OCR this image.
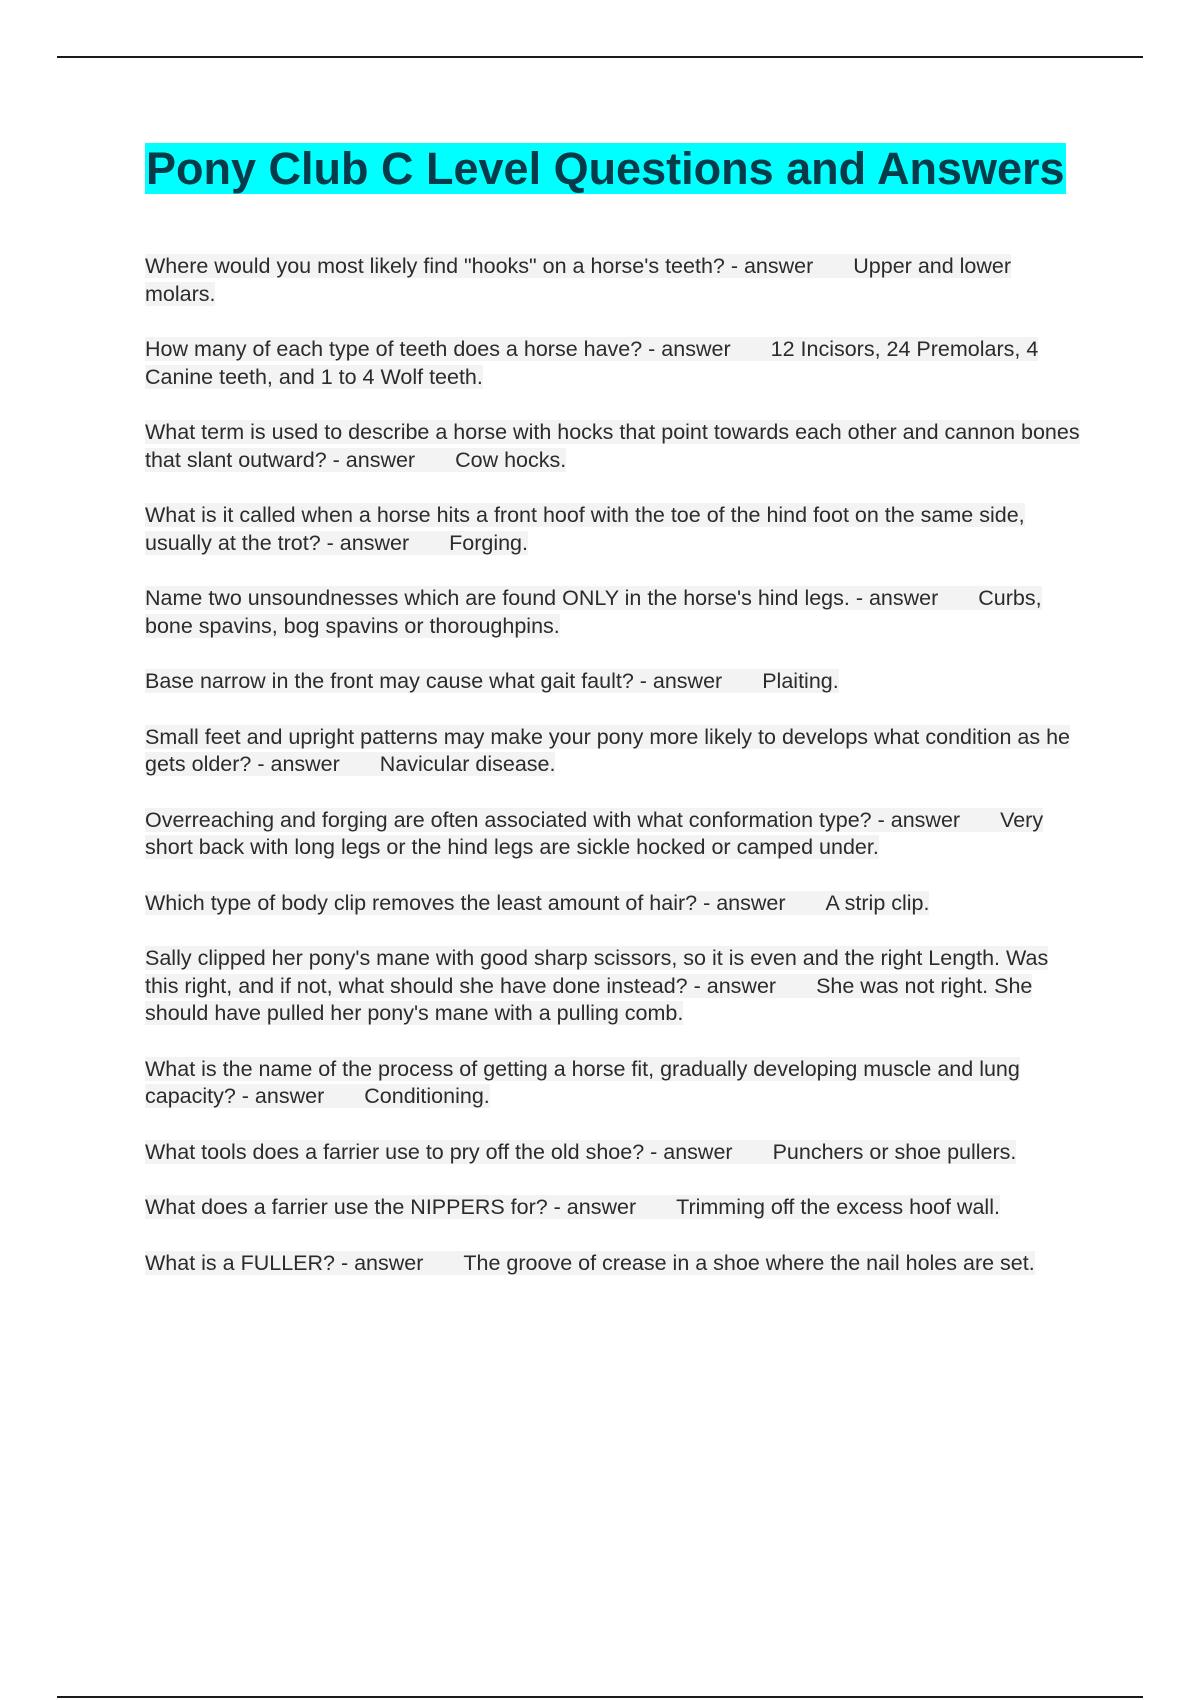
Pony Club C Level Questions and Answers
Where would you most likely find "hooks" on a horse's teeth? - answer Upper and lower molars.
How many of each type of teeth does a horse have? - answer 12 Incisors, 24 Premolars, 4 Canine teeth, and 1 to 4 Wolf teeth.
What term is used to describe a horse with hocks that point towards each other and cannon bones that slant outward? - answer Cow hocks.
What is it called when a horse hits a front hoof with the toe of the hind foot on the same side, usually at the trot? - answer Forging.
Name two unsoundnesses which are found ONLY in the horse's hind legs. - answer Curbs, bone spavins, bog spavins or thoroughpins.
Base narrow in the front may cause what gait fault? - answer Plaiting.
Small feet and upright patterns may make your pony more likely to develops what condition as he gets older? - answer Navicular disease.
Overreaching and forging are often associated with what conformation type? - answer Very short back with long legs or the hind legs are sickle hocked or camped under.
Which type of body clip removes the least amount of hair? - answer A strip clip.
Sally clipped her pony's mane with good sharp scissors, so it is even and the right Length. Was this right, and if not, what should she have done instead? - answer She was not right. She should have pulled her pony's mane with a pulling comb.
What is the name of the process of getting a horse fit, gradually developing muscle and lung capacity? - answer Conditioning.
What tools does a farrier use to pry off the old shoe? - answer Punchers or shoe pullers.
What does a farrier use the NIPPERS for? - answer Trimming off the excess hoof wall.
What is a FULLER? - answer The groove of crease in a shoe where the nail holes are set.
